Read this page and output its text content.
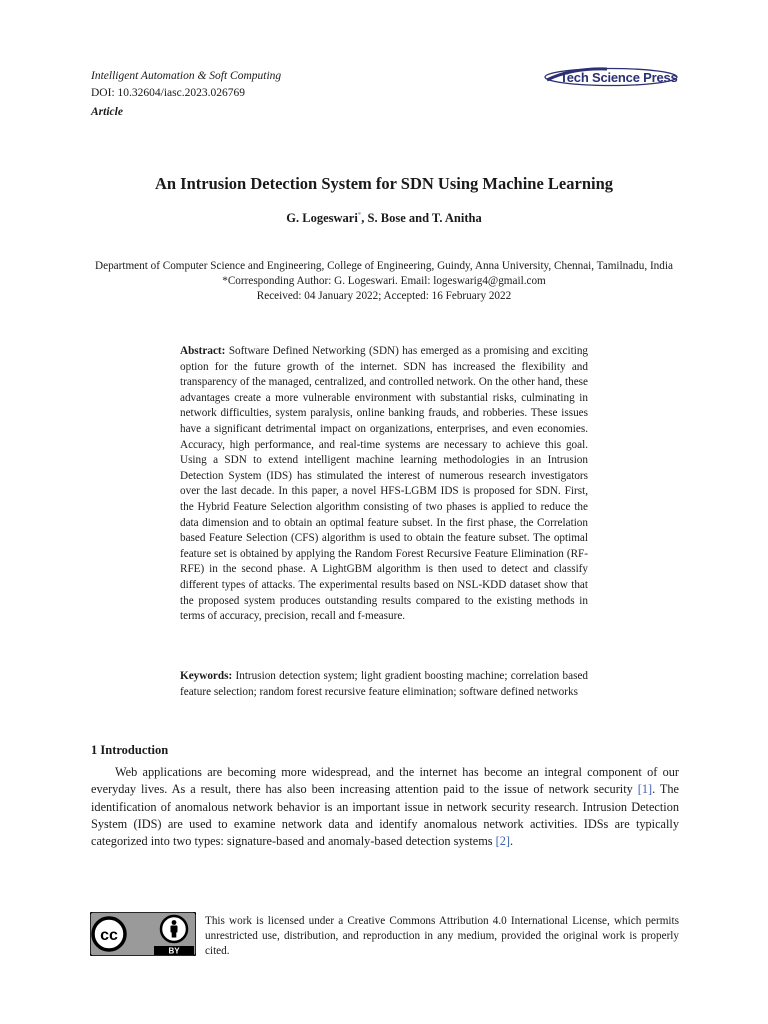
Intelligent Automation & Soft Computing
DOI: 10.32604/iasc.2023.026769
Article
Tech Science Press
An Intrusion Detection System for SDN Using Machine Learning
G. Logeswari*, S. Bose and T. Anitha
Department of Computer Science and Engineering, College of Engineering, Guindy, Anna University, Chennai, Tamilnadu, India
*Corresponding Author: G. Logeswari. Email: logeswarig4@gmail.com
Received: 04 January 2022; Accepted: 16 February 2022
Abstract: Software Defined Networking (SDN) has emerged as a promising and exciting option for the future growth of the internet. SDN has increased the flexibility and transparency of the managed, centralized, and controlled network. On the other hand, these advantages create a more vulnerable environment with substantial risks, culminating in network difficulties, system paralysis, online banking frauds, and robberies. These issues have a significant detrimental impact on organizations, enterprises, and even economies. Accuracy, high performance, and real-time systems are necessary to achieve this goal. Using a SDN to extend intelligent machine learning methodologies in an Intrusion Detection System (IDS) has stimulated the interest of numerous research investigators over the last decade. In this paper, a novel HFS-LGBM IDS is proposed for SDN. First, the Hybrid Feature Selection algorithm consisting of two phases is applied to reduce the data dimension and to obtain an optimal feature subset. In the first phase, the Correlation based Feature Selection (CFS) algorithm is used to obtain the feature subset. The optimal feature set is obtained by applying the Random Forest Recursive Feature Elimination (RF-RFE) in the second phase. A LightGBM algorithm is then used to detect and classify different types of attacks. The experimental results based on NSL-KDD dataset show that the proposed system produces outstanding results compared to the existing methods in terms of accuracy, precision, recall and f-measure.
Keywords: Intrusion detection system; light gradient boosting machine; correlation based feature selection; random forest recursive feature elimination; software defined networks
1 Introduction

Web applications are becoming more widespread, and the internet has become an integral component of our everyday lives. As a result, there has also been increasing attention paid to the issue of network security [1]. The identification of anomalous network behavior is an important issue in network security research. Intrusion Detection System (IDS) are used to examine network data and identify anomalous network activities. IDSs are typically categorized into two types: signature-based and anomaly-based detection systems [2].

cc
BY
This work is licensed under a Creative Commons Attribution 4.0 International License, which permits unrestricted use, distribution, and reproduction in any medium, provided the original work is properly cited.
